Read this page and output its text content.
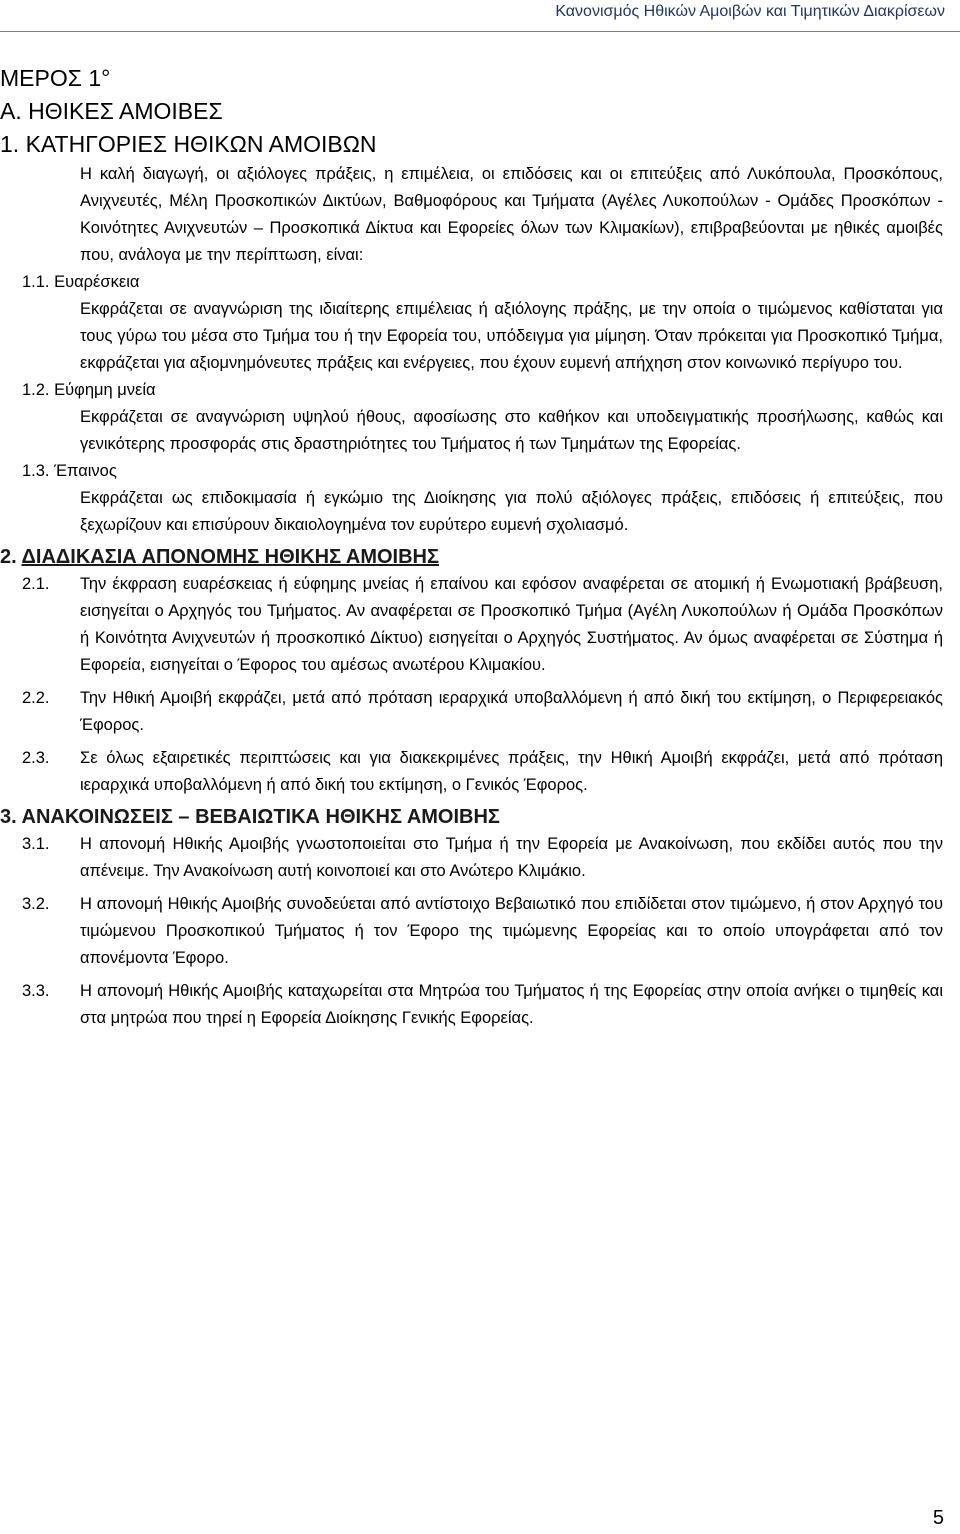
Κανονισμός Ηθικών Αμοιβών και Τιμητικών Διακρίσεων
ΜΕΡΟΣ 1°
Α. ΗΘΙΚΕΣ ΑΜΟΙΒΕΣ
1. ΚΑΤΗΓΟΡΙΕΣ ΗΘΙΚΩΝ ΑΜΟΙΒΩΝ
Η καλή διαγωγή, οι αξιόλογες πράξεις, η επιμέλεια, οι επιδόσεις και οι επιτεύξεις από Λυκόπουλα, Προσκόπους, Ανιχνευτές, Μέλη Προσκοπικών Δικτύων, Βαθμοφόρους και Τμήματα (Αγέλες Λυκοπούλων - Ομάδες Προσκόπων - Κοινότητες Ανιχνευτών – Προσκοπικά Δίκτυα και Εφορείες όλων των Κλιμακίων), επιβραβεύονται με ηθικές αμοιβές που, ανάλογα με την περίπτωση, είναι:
1.1. Ευαρέσκεια
Εκφράζεται σε αναγνώριση της ιδιαίτερης επιμέλειας ή αξιόλογης πράξης, με την οποία ο τιμώμενος καθίσταται για τους γύρω του μέσα στο Τμήμα του ή την Εφορεία του, υπόδειγμα για μίμηση. Όταν πρόκειται για Προσκοπικό Τμήμα, εκφράζεται για αξιομνημόνευτες πράξεις και ενέργειες, που έχουν ευμενή απήχηση στον κοινωνικό περίγυρο του.
1.2. Εύφημη μνεία
Εκφράζεται σε αναγνώριση υψηλού ήθους, αφοσίωσης στο καθήκον και υποδειγματικής προσήλωσης, καθώς και γενικότερης προσφοράς στις δραστηριότητες του Τμήματος ή των Τμημάτων της Εφορείας.
1.3. Έπαινος
Εκφράζεται ως επιδοκιμασία ή εγκώμιο της Διοίκησης για πολύ αξιόλογες πράξεις, επιδόσεις ή επιτεύξεις, που ξεχωρίζουν και επισύρουν δικαιολογημένα τον ευρύτερο ευμενή σχολιασμό.
2. ΔΙΑΔΙΚΑΣΙΑ ΑΠΟΝΟΜΗΣ ΗΘΙΚΗΣ ΑΜΟΙΒΗΣ
2.1.	Την έκφραση ευαρέσκειας ή εύφημης μνείας ή επαίνου και εφόσον αναφέρεται σε ατομική ή Ενωμοτιακή βράβευση, εισηγείται ο Αρχηγός του Τμήματος. Αν αναφέρεται σε Προσκοπικό Τμήμα (Αγέλη Λυκοπούλων ή Ομάδα Προσκόπων ή Κοινότητα Ανιχνευτών ή προσκοπικό Δίκτυο) εισηγείται ο Αρχηγός Συστήματος. Αν όμως αναφέρεται σε Σύστημα ή Εφορεία, εισηγείται ο Έφορος του αμέσως ανωτέρου Κλιμακίου.
2.2.	Την Ηθική Αμοιβή εκφράζει, μετά από πρόταση ιεραρχικά υποβαλλόμενη ή από δική του εκτίμηση, ο Περιφερειακός Έφορος.
2.3.	Σε όλως εξαιρετικές περιπτώσεις και για διακεκριμένες πράξεις, την Ηθική Αμοιβή εκφράζει, μετά από πρόταση ιεραρχικά υποβαλλόμενη ή από δική του εκτίμηση, ο Γενικός Έφορος.
3. ΑΝΑΚΟΙΝΩΣΕΙΣ – ΒΕΒΑΙΩΤΙΚΑ ΗΘΙΚΗΣ ΑΜΟΙΒΗΣ
3.1.	Η απονομή Ηθικής Αμοιβής γνωστοποιείται στο Τμήμα ή την Εφορεία με Ανακοίνωση, που εκδίδει αυτός που την απένειμε. Την Ανακοίνωση αυτή κοινοποιεί και στο Ανώτερο Κλιμάκιο.
3.2.	Η απονομή Ηθικής Αμοιβής συνοδεύεται από αντίστοιχο Βεβαιωτικό που επιδίδεται στον τιμώμενο, ή στον Αρχηγό του τιμώμενου Προσκοπικού Τμήματος ή τον Έφορο της τιμώμενης Εφορείας και το οποίο υπογράφεται από τον απονέμοντα Έφορο.
3.3.	Η απονομή Ηθικής Αμοιβής καταχωρείται στα Μητρώα του Τμήματος ή της Εφορείας στην οποία ανήκει ο τιμηθείς και στα μητρώα που τηρεί η Εφορεία Διοίκησης Γενικής Εφορείας.
5
